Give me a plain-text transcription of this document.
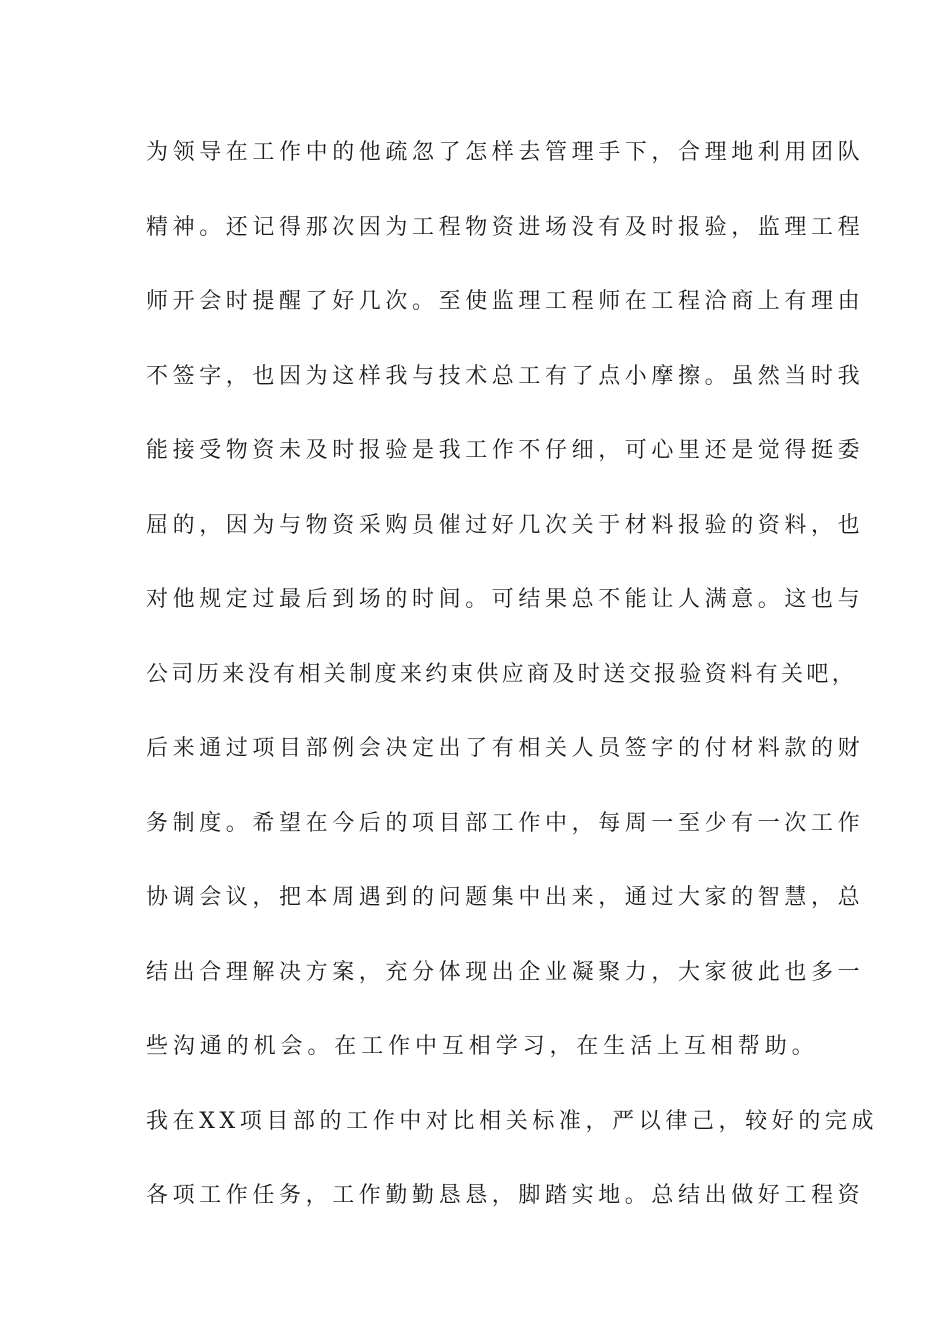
为领导在工作中的他疏忽了怎样去管理手下，合理地利用团队
精神。还记得那次因为工程物资进场没有及时报验，监理工程
师开会时提醒了好几次。至使监理工程师在工程洽商上有理由
不签字，也因为这样我与技术总工有了点小摩擦。虽然当时我
能接受物资未及时报验是我工作不仔细，可心里还是觉得挺委
屈的，因为与物资采购员催过好几次关于材料报验的资料，也
对他规定过最后到场的时间。可结果总不能让人满意。这也与
公司历来没有相关制度来约束供应商及时送交报验资料有关吧，
后来通过项目部例会决定出了有相关人员签字的付材料款的财
务制度。希望在今后的项目部工作中，每周一至少有一次工作
协调会议，把本周遇到的问题集中出来，通过大家的智慧，总
结出合理解决方案，充分体现出企业凝聚力，大家彼此也多一
些沟通的机会。在工作中互相学习，在生活上互相帮助。
我在XX项目部的工作中对比相关标准，严以律己，较好的完成
各项工作任务，工作勤勤恳恳，脚踏实地。总结出做好工程资
